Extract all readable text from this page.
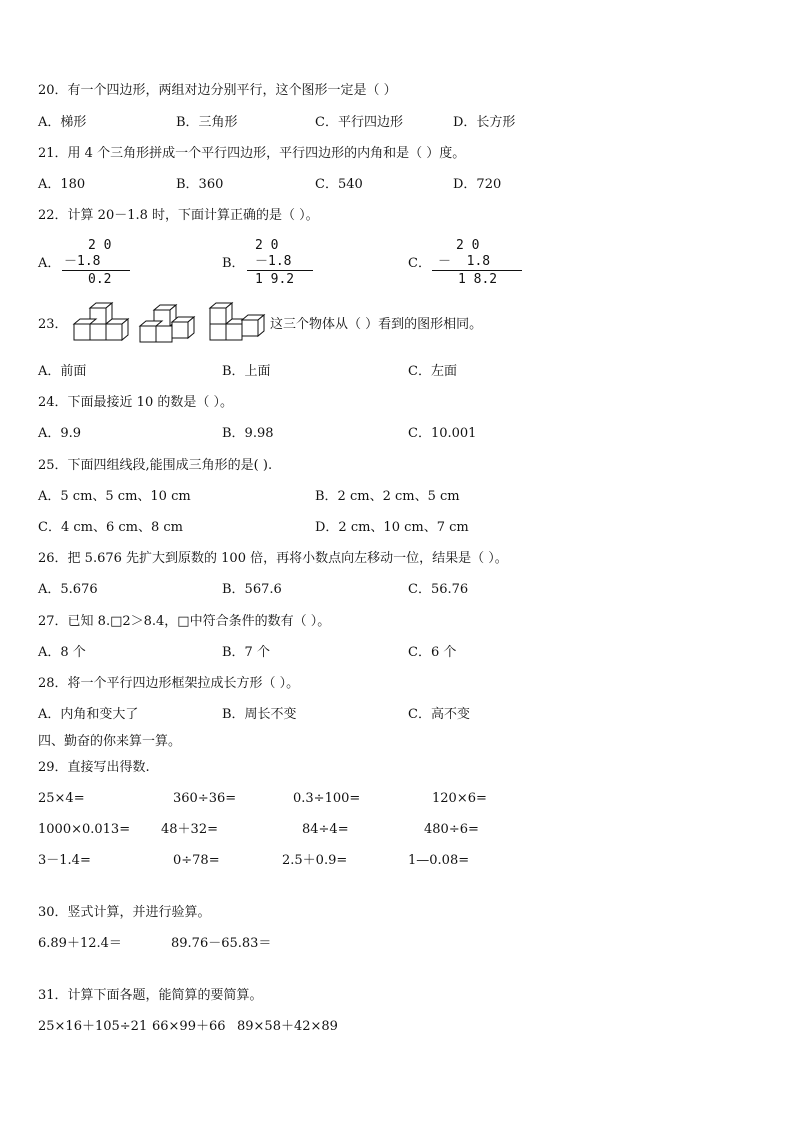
20．有一个四边形，两组对边分别平行，这个图形一定是（ ）
A．梯形	B．三角形	C．平行四边形	D．长方形
21．用 4 个三角形拼成一个平行四边形，平行四边形的内角和是（ ）度。
A．180	B．360	C．540	D．720
22．计算 20－1.8 时，下面计算正确的是（ ）。
A．
2 0
－1.8
0.2
B．
2 0
－1.8
1 9.2
C．
2 0
－  1.8
1 8.2
23．	这三个物体从（ ）看到的图形相同。
A．前面	B．上面	C．左面
24．下面最接近 10 的数是（ ）。
A．9.9	B．9.98	C．10.001
25．下面四组线段,能围成三角形的是( ).
A．5 cm、5 cm、10 cm	B．2 cm、2 cm、5 cm
C．4 cm、6 cm、8 cm	D．2 cm、10 cm、7 cm
26．把 5.676 先扩大到原数的 100 倍，再将小数点向左移动一位，结果是（ ）。
A．5.676	B．567.6	C．56.76
27．已知 8.□2＞8.4，□中符合条件的数有（ ）。
A．8 个	B．7 个	C．6 个
28．将一个平行四边形框架拉成长方形（ ）。
A．内角和变大了	B．周长不变	C．高不变
四、勤奋的你来算一算。
29．直接写出得数.
25×4=	360÷36=	0.3÷100=	120×6=
1000×0.013= 48＋32=	84÷4=	480÷6=
3－1.4=	0÷78=	2.5＋0.9=	1—0.08=
30．竖式计算，并进行验算。
6.89＋12.4＝	89.76－65.83＝
31．计算下面各题，能简算的要简算。
25×16＋105÷21 66×99＋66 89×58＋42×89
